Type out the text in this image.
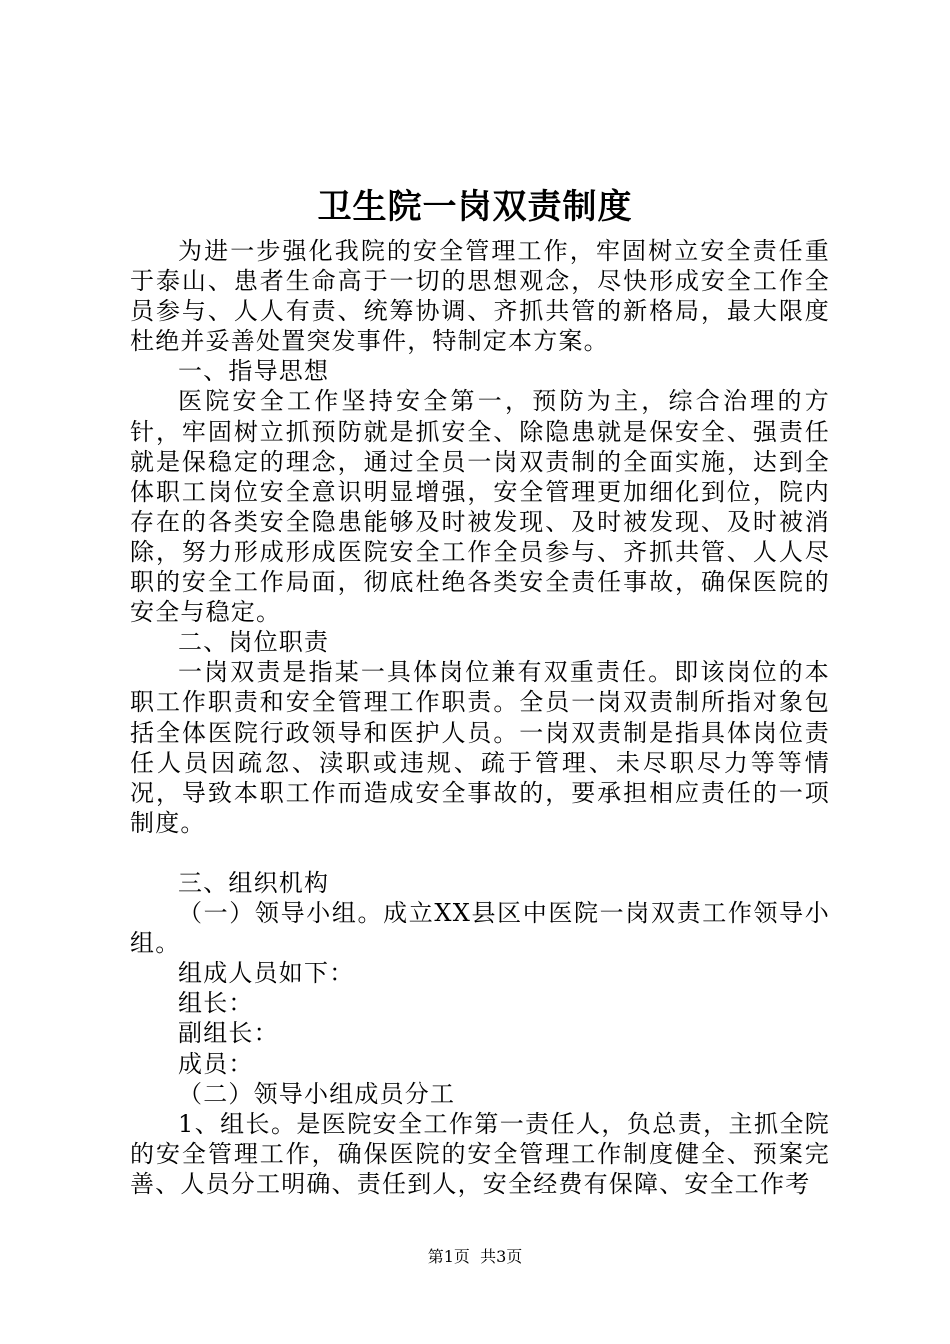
卫生院一岗双责制度

为进一步强化我院的安全管理工作，牢固树立安全责任重于泰山、患者生命高于一切的思想观念，尽快形成安全工作全员参与、人人有责、统筹协调、齐抓共管的新格局，最大限度杜绝并妥善处置突发事件，特制定本方案。

一、指导思想

医院安全工作坚持安全第一，预防为主，综合治理的方针，牢固树立抓预防就是抓安全、除隐患就是保安全、强责任就是保稳定的理念，通过全员一岗双责制的全面实施，达到全体职工岗位安全意识明显增强，安全管理更加细化到位，院内存在的各类安全隐患能够及时被发现、及时被发现、及时被消除，努力形成形成医院安全工作全员参与、齐抓共管、人人尽职的安全工作局面，彻底杜绝各类安全责任事故，确保医院的安全与稳定。

二、岗位职责

一岗双责是指某一具体岗位兼有双重责任。即该岗位的本职工作职责和安全管理工作职责。全员一岗双责制所指对象包括全体医院行政领导和医护人员。一岗双责制是指具体岗位责任人员因疏忽、渎职或违规、疏于管理、未尽职尽力等等情况，导致本职工作而造成安全事故的，要承担相应责任的一项制度。

三、组织机构

（一）领导小组。成立XX县区中医院一岗双责工作领导小组。

组成人员如下：

组长：

副组长：

成员：

（二）领导小组成员分工

1、组长。是医院安全工作第一责任人，负总责，主抓全院的安全管理工作，确保医院的安全管理工作制度健全、预案完善、人员分工明确、责任到人，安全经费有保障、安全工作考

第1页  共3页
